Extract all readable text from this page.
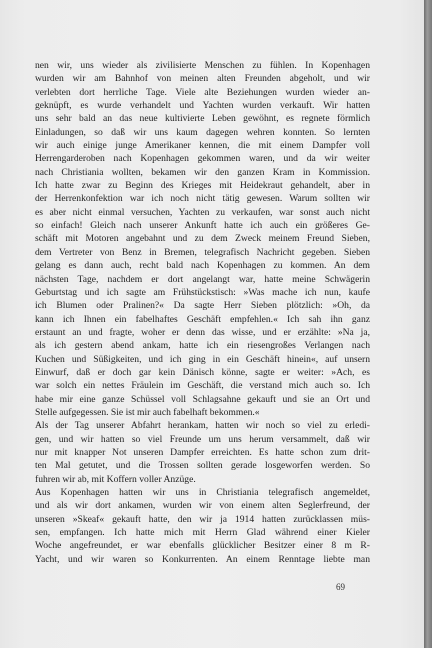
nen wir, uns wieder als zivilisierte Menschen zu fühlen. In Kopenhagen
wurden wir am Bahnhof von meinen alten Freunden abgeholt, und wir
verlebten dort herrliche Tage. Viele alte Beziehungen wurden wieder an-
geknüpft, es wurde verhandelt und Yachten wurden verkauft. Wir hatten
uns sehr bald an das neue kultivierte Leben gewöhnt, es regnete förmlich
Einladungen, so daß wir uns kaum dagegen wehren konnten. So lernten
wir auch einige junge Amerikaner kennen, die mit einem Dampfer voll
Herrengarderoben nach Kopenhagen gekommen waren, und da wir weiter
nach Christiania wollten, bekamen wir den ganzen Kram in Kommission.
Ich hatte zwar zu Beginn des Krieges mit Heidekraut gehandelt, aber in
der Herrenkonfektion war ich noch nicht tätig gewesen. Warum sollten wir
es aber nicht einmal versuchen, Yachten zu verkaufen, war sonst auch nicht
so einfach! Gleich nach unserer Ankunft hatte ich auch ein größeres Ge-
schäft mit Motoren angebahnt und zu dem Zweck meinem Freund Sieben,
dem Vertreter von Benz in Bremen, telegrafisch Nachricht gegeben. Sieben
gelang es dann auch, recht bald nach Kopenhagen zu kommen. An dem
nächsten Tage, nachdem er dort angelangt war, hatte meine Schwägerin
Geburtstag und ich sagte am Frühstückstisch: »Was mache ich nun, kaufe
ich Blumen oder Pralinen?« Da sagte Herr Sieben plötzlich: »Oh, da
kann ich Ihnen ein fabelhaftes Geschäft empfehlen.« Ich sah ihn ganz
erstaunt an und fragte, woher er denn das wisse, und er erzählte: »Na ja,
als ich gestern abend ankam, hatte ich ein riesengroßes Verlangen nach
Kuchen und Süßigkeiten, und ich ging in ein Geschäft hinein«, auf unsern
Einwurf, daß er doch gar kein Dänisch könne, sagte er weiter: »Ach, es
war solch ein nettes Fräulein im Geschäft, die verstand mich auch so. Ich
habe mir eine ganze Schüssel voll Schlagsahne gekauft und sie an Ort und
Stelle aufgegessen. Sie ist mir auch fabelhaft bekommen.«
Als der Tag unserer Abfahrt herankam, hatten wir noch so viel zu erledi-
gen, und wir hatten so viel Freunde um uns herum versammelt, daß wir
nur mit knapper Not unseren Dampfer erreichten. Es hatte schon zum drit-
ten Mal getutet, und die Trossen sollten gerade losgeworfen werden. So
fuhren wir ab, mit Koffern voller Anzüge.
Aus Kopenhagen hatten wir uns in Christiania telegrafisch angemeldet,
und als wir dort ankamen, wurden wir von einem alten Seglerfreund, der
unseren »Skeaf« gekauft hatte, den wir ja 1914 hatten zurücklassen müs-
sen, empfangen. Ich hatte mich mit Herrn Glad während einer Kieler
Woche angefreundet, er war ebenfalls glücklicher Besitzer einer 8 m R-
Yacht, und wir waren so Konkurrenten. An einem Renntage liebte man
69
